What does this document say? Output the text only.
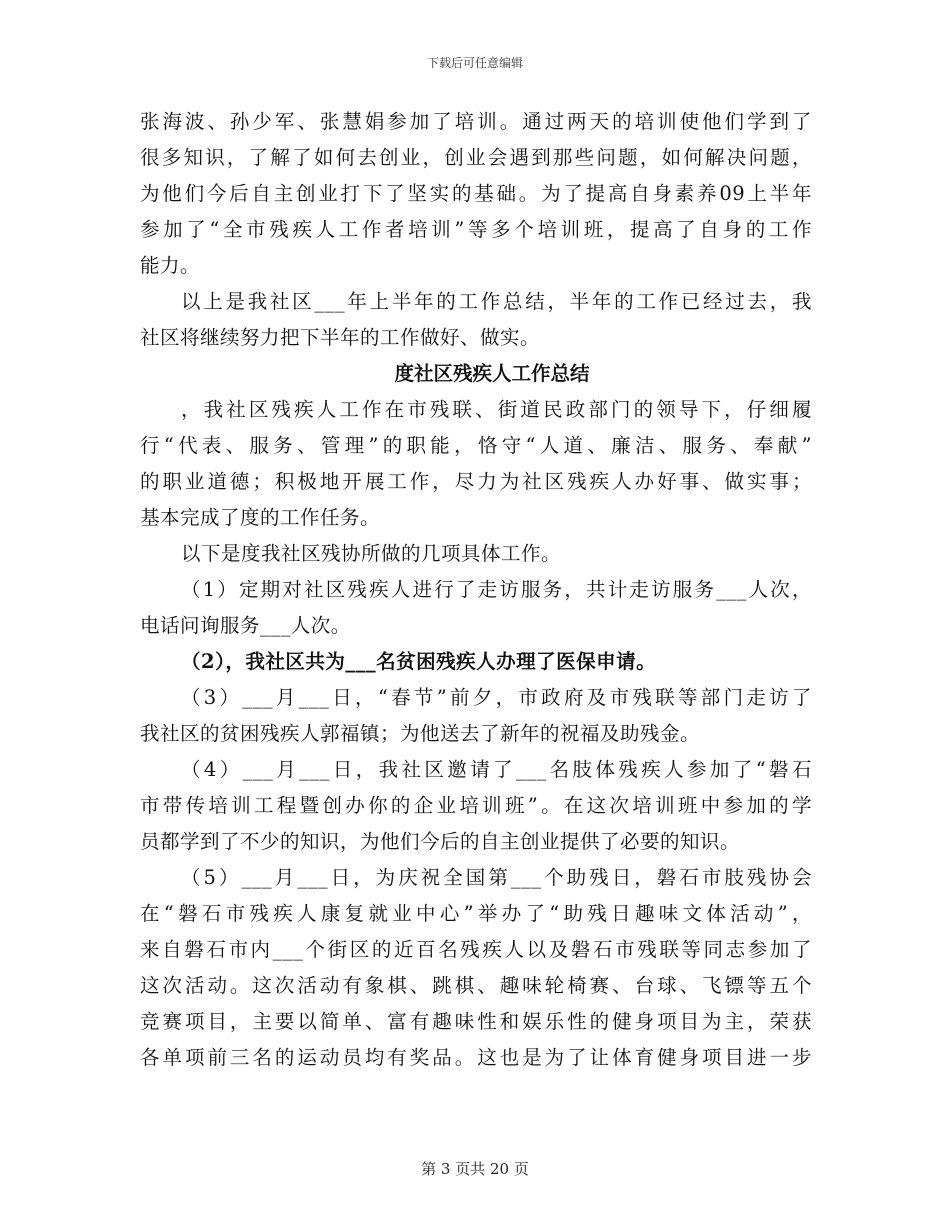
下载后可任意编辑
张海波、孙少军、张慧娟参加了培训。通过两天的培训使他们学到了
很多知识，了解了如何去创业，创业会遇到那些问题，如何解决问题，
为他们今后自主创业打下了坚实的基础。为了提高自身素养09上半年
参加了“全市残疾人工作者培训”等多个培训班，提高了自身的工作
能力。
以上是我社区___年上半年的工作总结，半年的工作已经过去，我
社区将继续努力把下半年的工作做好、做实。
度社区残疾人工作总结
，我社区残疾人工作在市残联、街道民政部门的领导下，仔细履
行“代表、服务、管理”的职能，恪守“人道、廉洁、服务、奉献”
的职业道德；积极地开展工作，尽力为社区残疾人办好事、做实事；
基本完成了度的工作任务。
以下是度我社区残协所做的几项具体工作。
（1）定期对社区残疾人进行了走访服务，共计走访服务___人次，
电话问询服务___人次。
（2），我社区共为___名贫困残疾人办理了医保申请。
（3）___月___日，“春节”前夕，市政府及市残联等部门走访了
我社区的贫困残疾人郭福镇；为他送去了新年的祝福及助残金。
（4）___月___日，我社区邀请了___名肢体残疾人参加了“磐石
市带传培训工程暨创办你的企业培训班”。在这次培训班中参加的学
员都学到了不少的知识，为他们今后的自主创业提供了必要的知识。
（5）___月___日，为庆祝全国第___个助残日，磐石市肢残协会
在“磐石市残疾人康复就业中心”举办了“助残日趣味文体活动”，
来自磐石市内___个街区的近百名残疾人以及磐石市残联等同志参加了
这次活动。这次活动有象棋、跳棋、趣味轮椅赛、台球、飞镖等五个
竞赛项目，主要以简单、富有趣味性和娱乐性的健身项目为主，荣获
各单项前三名的运动员均有奖品。这也是为了让体育健身项目进一步
第 3 页共 20 页
